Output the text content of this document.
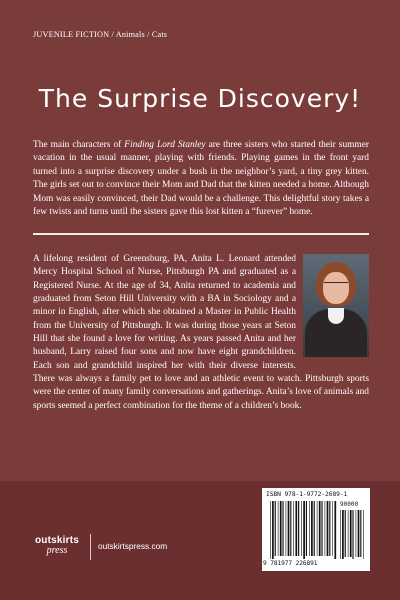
JUVENILE FICTION / Animals / Cats
The Surprise Discovery!

The main characters of Finding Lord Stanley are three sisters who started their summer vacation in the usual manner, playing with friends. Playing games in the front yard turned into a surprise discovery under a bush in the neighbor’s yard, a tiny grey kitten. The girls set out to convince their Mom and Dad that the kitten needed a home. Although Mom was easily convinced, their Dad would be a challenge. This delightful story takes a few twists and turns until the sisters gave this lost kitten a “furever” home.

A lifelong resident of Greensburg, PA, Anita L. Leonard attended Mercy Hospital School of Nurse, Pittsburgh PA and graduated as a Registered Nurse. At the age of 34, Anita returned to academia and graduated from Seton Hill University with a BA in Sociology and a minor in English, after which she obtained a Master in Public Health from the University of Pittsburgh. It was during those years at Seton Hill that she found a love for writing. As years passed Anita and her husband, Larry raised four sons and now have eight grandchildren. Each son and grandchild inspired her with their diverse interests. There was always a family pet to love and an athletic event to watch. Pittsburgh sports were the center of many family conversations and gatherings. Anita’s love of animals and sports seemed a perfect combination for the theme of a children’s book.

outskirts
press	outskirtspress.com
ISBN 978-1-9772-2689-1
90000
9 781977 226891
